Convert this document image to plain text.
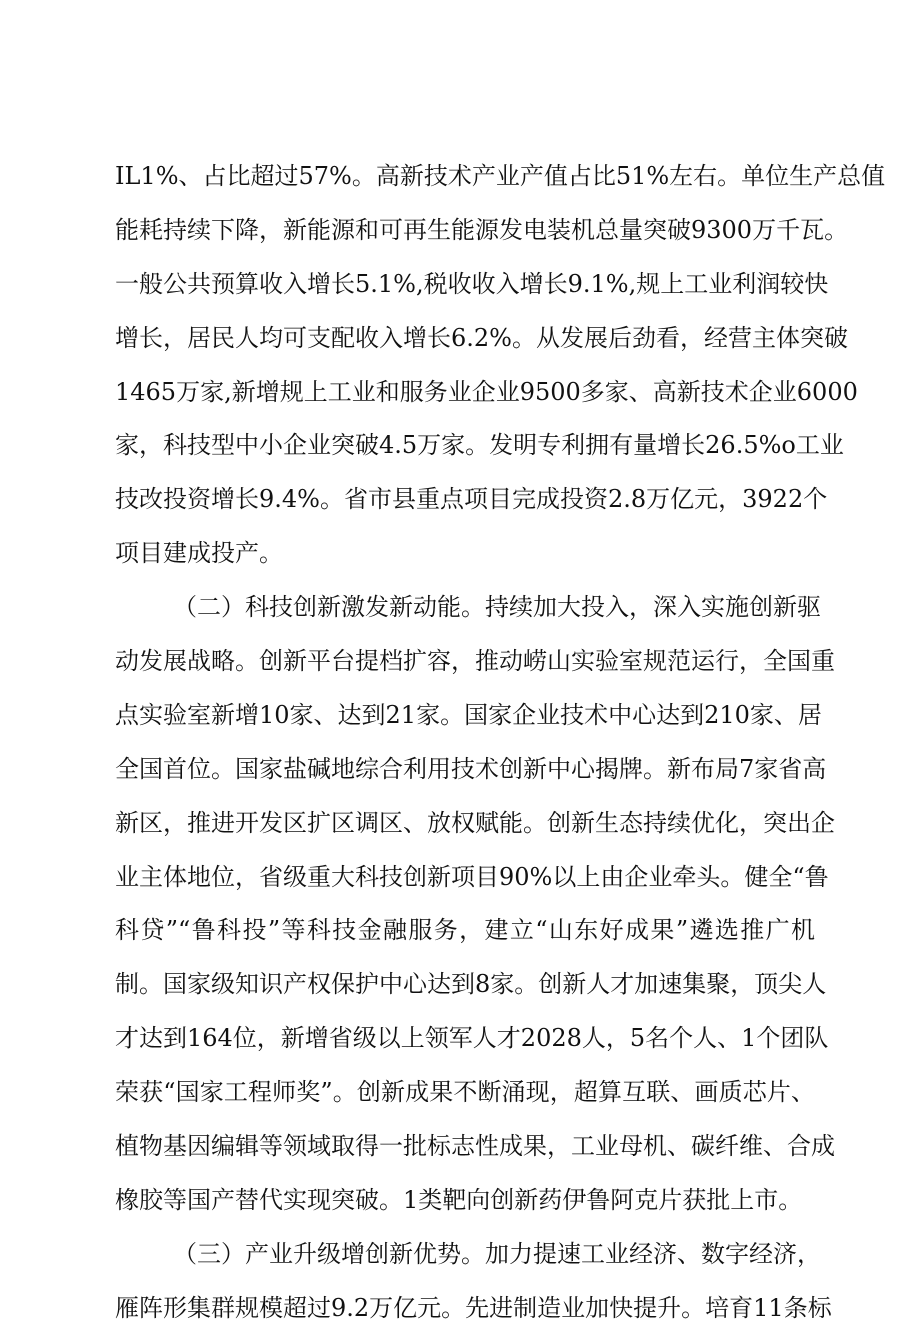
IL1%、占比超过57%。高新技术产业产值占比51%左右。单位生产总值
能耗持续下降，新能源和可再生能源发电装机总量突破9300万千瓦。
一般公共预算收入增长5.1%,税收收入增长9.1%,规上工业利润较快
增长，居民人均可支配收入增长6.2%。从发展后劲看，经营主体突破
1465万家,新增规上工业和服务业企业9500多家、高新技术企业6000
家，科技型中小企业突破4.5万家。发明专利拥有量增长26.5%o工业
技改投资增长9.4%。省市县重点项目完成投资2.8万亿元，3922个
项目建成投产。
（二）科技创新激发新动能。持续加大投入，深入实施创新驱
动发展战略。创新平台提档扩容，推动崂山实验室规范运行，全国重
点实验室新增10家、达到21家。国家企业技术中心达到210家、居
全国首位。国家盐碱地综合利用技术创新中心揭牌。新布局7家省高
新区，推进开发区扩区调区、放权赋能。创新生态持续优化，突出企
业主体地位，省级重大科技创新项目90%以上由企业牵头。健全“鲁
科贷”“鲁科投”等科技金融服务，建立“山东好成果”遴选推广机
制。国家级知识产权保护中心达到8家。创新人才加速集聚，顶尖人
才达到164位，新增省级以上领军人才2028人，5名个人、1个团队
荣获“国家工程师奖”。创新成果不断涌现，超算互联、画质芯片、
植物基因编辑等领域取得一批标志性成果，工业母机、碳纤维、合成
橡胶等国产替代实现突破。1类靶向创新药伊鲁阿克片获批上市。
（三）产业升级增创新优势。加力提速工业经济、数字经济，
雁阵形集群规模超过9.2万亿元。先进制造业加快提升。培育11条标
